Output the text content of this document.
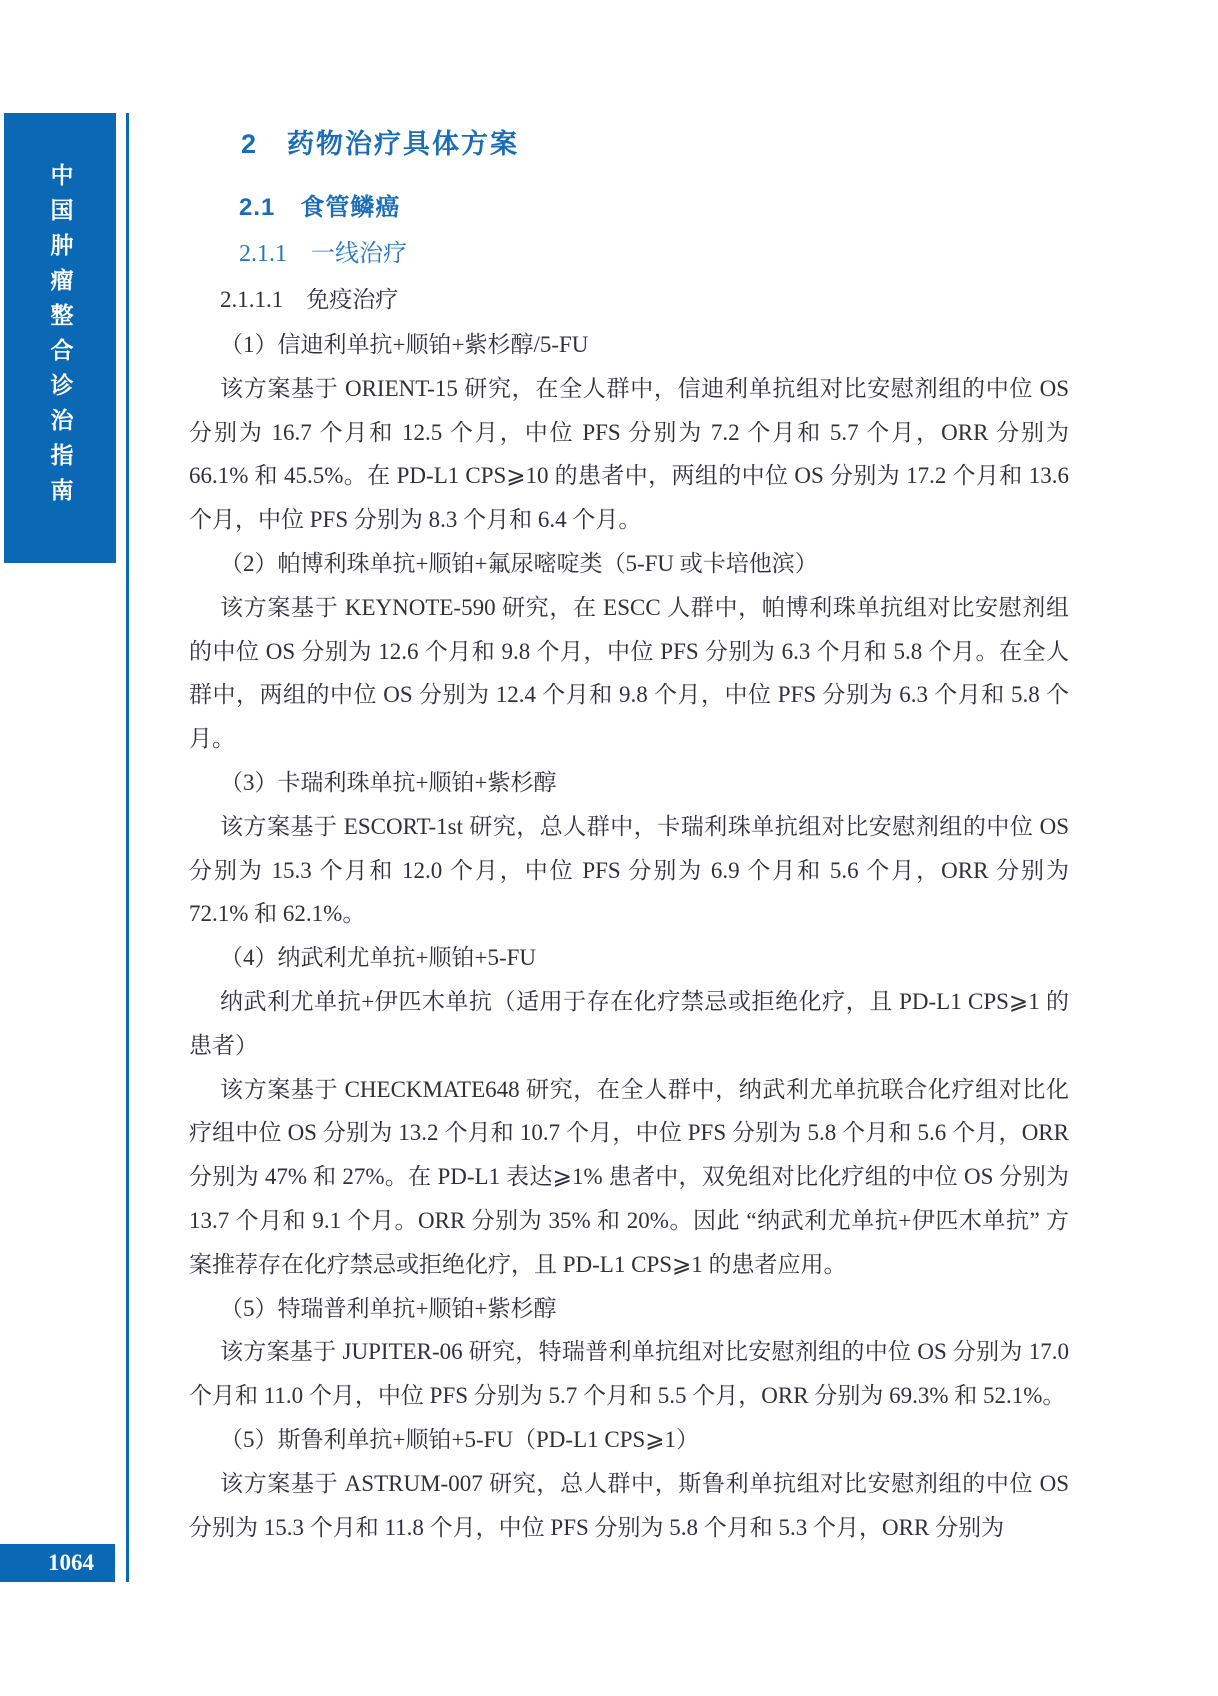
中国肿瘤整合诊治指南
1064
2　药物治疗具体方案
2.1　食管鳞癌
2.1.1　一线治疗
2.1.1.1　免疫治疗

（1）信迪利单抗+顺铂+紫杉醇/5-FU

该方案基于 ORIENT-15 研究，在全人群中，信迪利单抗组对比安慰剂组的中位 OS 分别为 16.7 个月和 12.5 个月，中位 PFS 分别为 7.2 个月和 5.7 个月，ORR 分别为 66.1% 和 45.5%。在 PD-L1 CPS⩾10 的患者中，两组的中位 OS 分别为 17.2 个月和 13.6 个月，中位 PFS 分别为 8.3 个月和 6.4 个月。

（2）帕博利珠单抗+顺铂+氟尿嘧啶类（5-FU 或卡培他滨）

该方案基于 KEYNOTE-590 研究，在 ESCC 人群中，帕博利珠单抗组对比安慰剂组的中位 OS 分别为 12.6 个月和 9.8 个月，中位 PFS 分别为 6.3 个月和 5.8 个月。在全人群中，两组的中位 OS 分别为 12.4 个月和 9.8 个月，中位 PFS 分别为 6.3 个月和 5.8 个月。

（3）卡瑞利珠单抗+顺铂+紫杉醇

该方案基于 ESCORT-1st 研究，总人群中，卡瑞利珠单抗组对比安慰剂组的中位 OS 分别为 15.3 个月和 12.0 个月，中位 PFS 分别为 6.9 个月和 5.6 个月，ORR 分别为 72.1% 和 62.1%。

（4）纳武利尤单抗+顺铂+5-FU

纳武利尤单抗+伊匹木单抗（适用于存在化疗禁忌或拒绝化疗，且 PD-L1 CPS⩾1 的患者）

该方案基于 CHECKMATE648 研究，在全人群中，纳武利尤单抗联合化疗组对比化疗组中位 OS 分别为 13.2 个月和 10.7 个月，中位 PFS 分别为 5.8 个月和 5.6 个月，ORR 分别为 47% 和 27%。在 PD-L1 表达⩾1% 患者中，双免组对比化疗组的中位 OS 分别为 13.7 个月和 9.1 个月。ORR 分别为 35% 和 20%。因此 “纳武利尤单抗+伊匹木单抗” 方案推荐存在化疗禁忌或拒绝化疗，且 PD-L1 CPS⩾1 的患者应用。

（5）特瑞普利单抗+顺铂+紫杉醇

该方案基于 JUPITER-06 研究，特瑞普利单抗组对比安慰剂组的中位 OS 分别为 17.0 个月和 11.0 个月，中位 PFS 分别为 5.7 个月和 5.5 个月，ORR 分别为 69.3% 和 52.1%。

（5）斯鲁利单抗+顺铂+5-FU（PD-L1 CPS⩾1）

该方案基于 ASTRUM-007 研究，总人群中，斯鲁利单抗组对比安慰剂组的中位 OS 分别为 15.3 个月和 11.8 个月，中位 PFS 分别为 5.8 个月和 5.3 个月，ORR 分别为
